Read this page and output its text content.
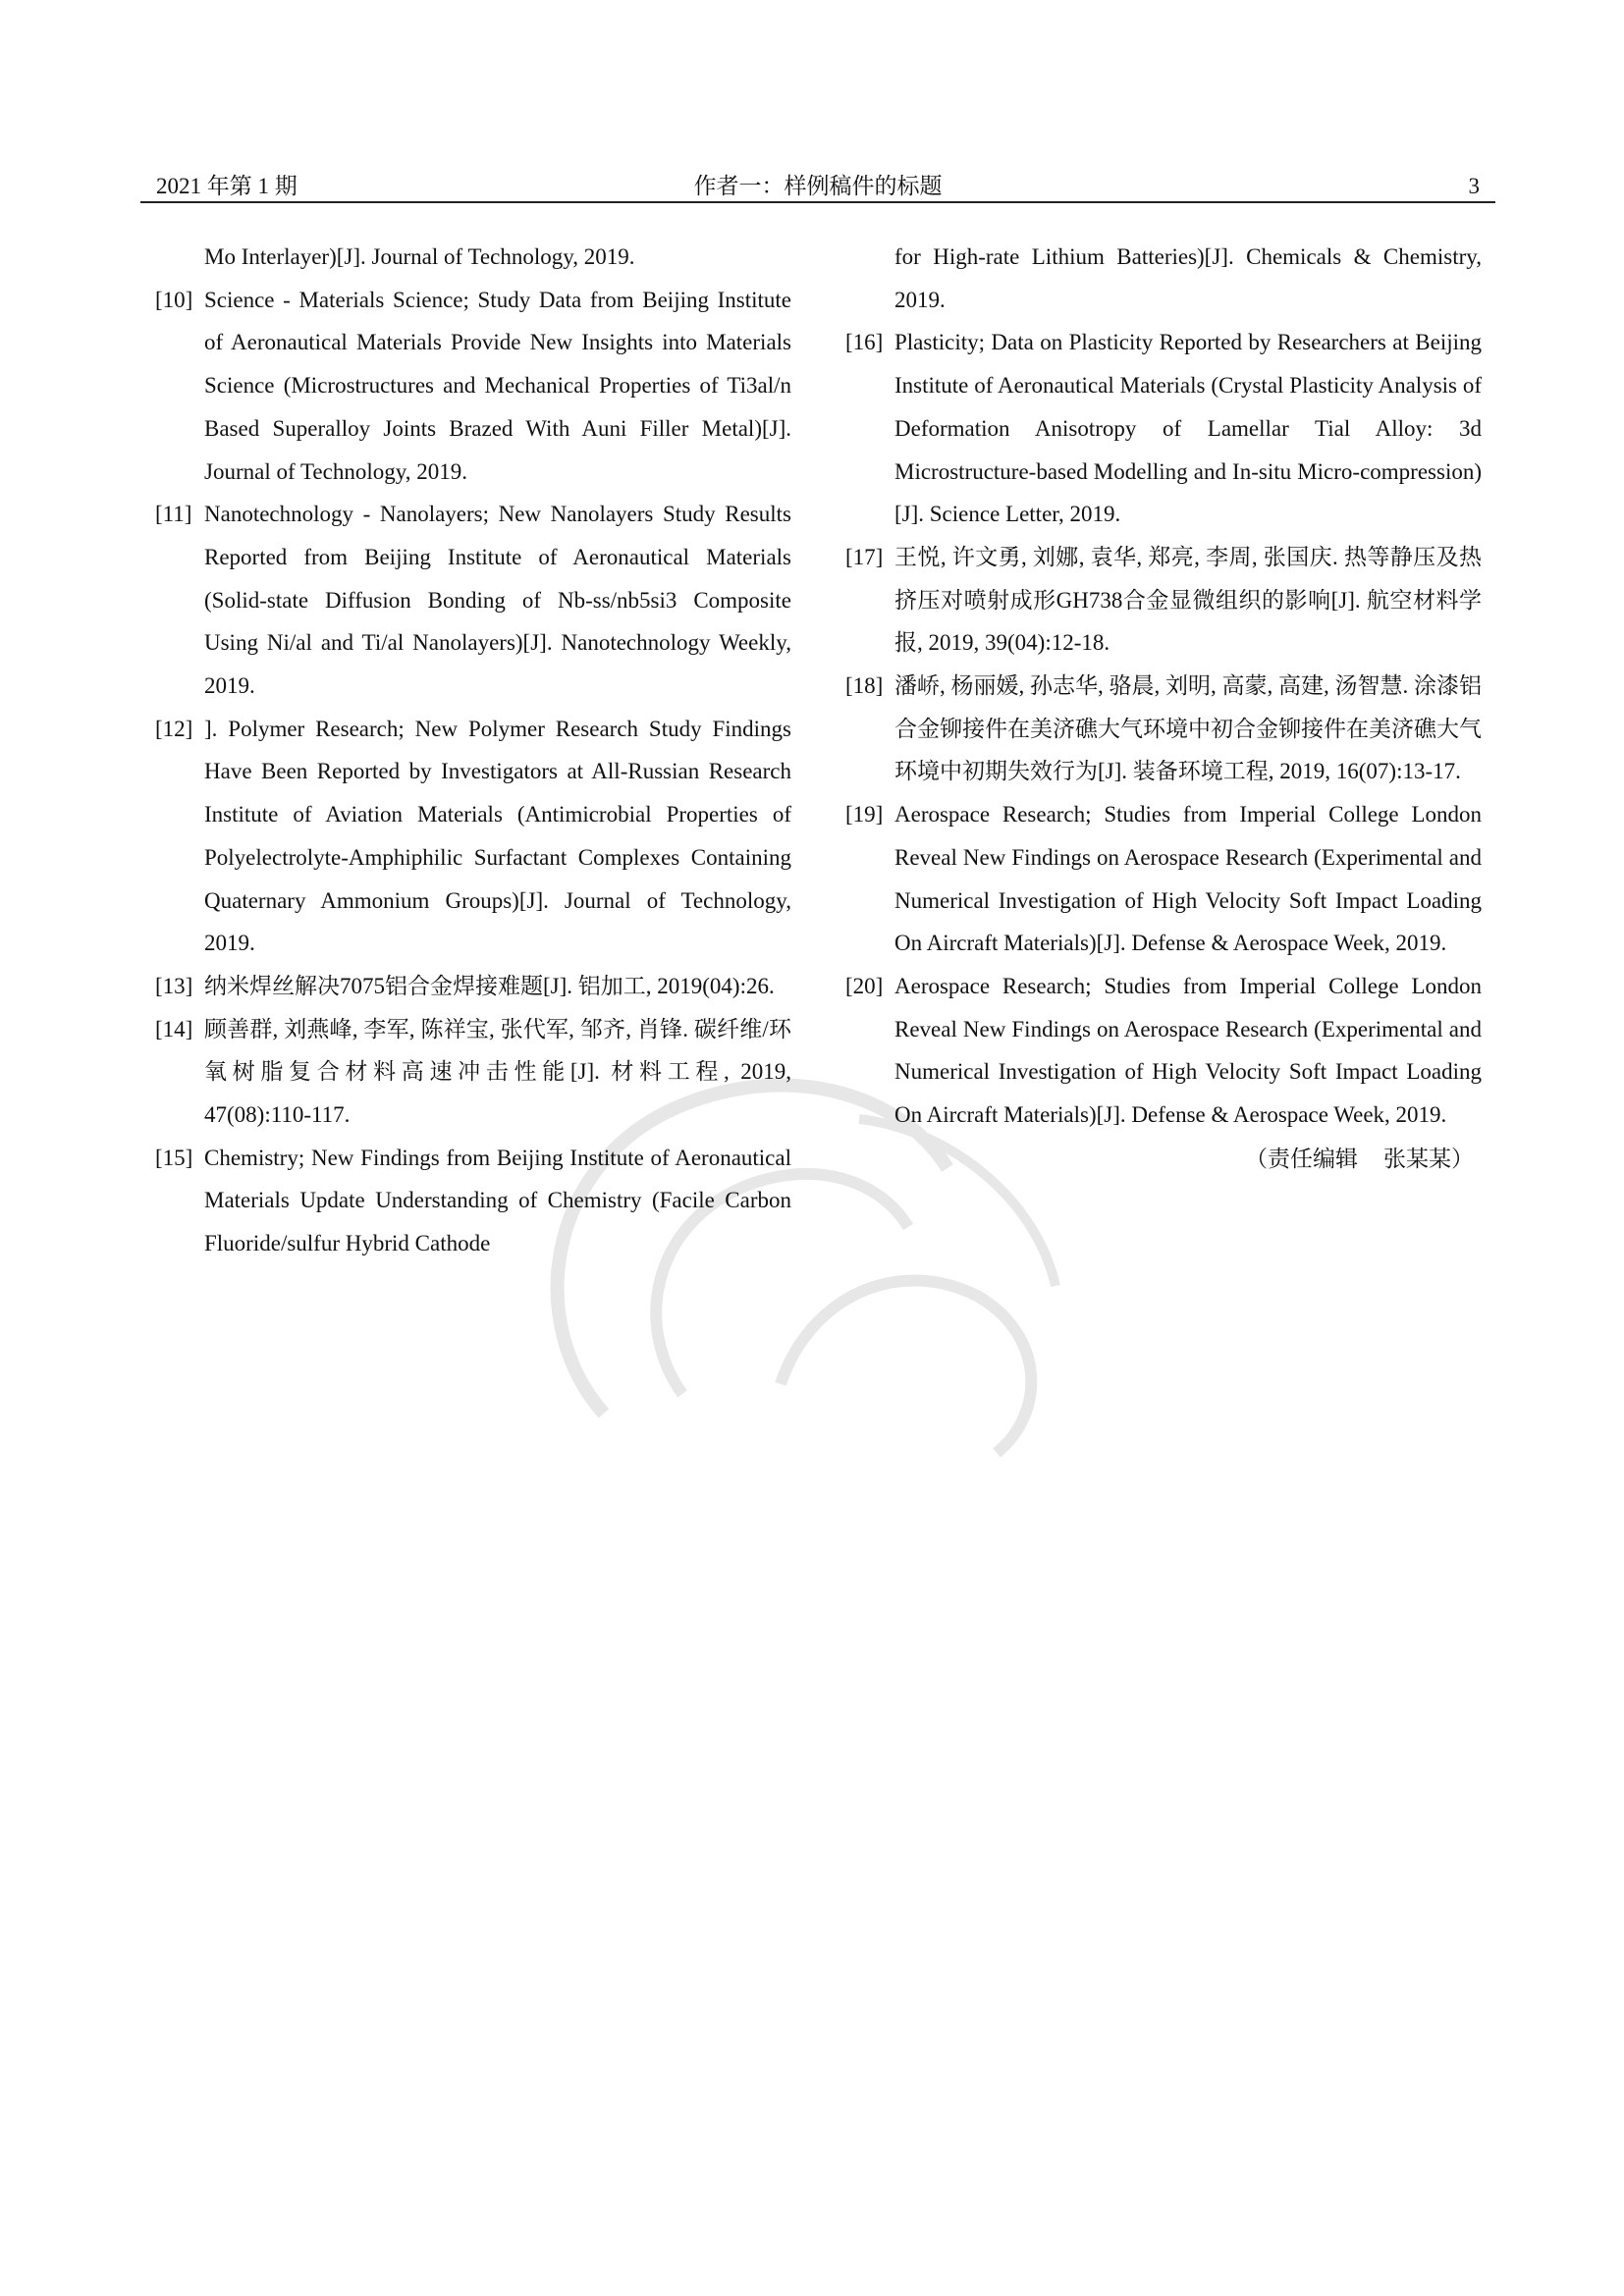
2021 年第 1 期	作者一：样例稿件的标题	3
Mo Interlayer)[J]. Journal of Technology, 2019.
[10] Science - Materials Science; Study Data from Beijing Institute of Aeronautical Materials Provide New Insights into Materials Science (Microstructures and Mechanical Properties of Ti3al/n Based Superalloy Joints Brazed With Auni Filler Metal)[J]. Journal of Technology, 2019.
[11] Nanotechnology - Nanolayers; New Nanolayers Study Results Reported from Beijing Institute of Aeronautical Materials (Solid-state Diffusion Bonding of Nb-ss/nb5si3 Composite Using Ni/al and Ti/al Nanolayers)[J]. Nanotechnology Weekly, 2019.
[12] ]. Polymer Research; New Polymer Research Study Findings Have Been Reported by Investigators at All-Russian Research Institute of Aviation Materials (Antimicrobial Properties of Polyelectrolyte-Amphiphilic Surfactant Complexes Containing Quaternary Ammonium Groups)[J]. Journal of Technology, 2019.
[13] 纳米焊丝解决7075铝合金焊接难题[J]. 铝加工, 2019(04):26.
[14] 顾善群, 刘燕峰, 李军, 陈祥宝, 张代军, 邹齐, 肖锋. 碳纤维/环氧树脂复合材料高速冲击性能[J]. 材料工程, 2019, 47(08):110-117.
[15] Chemistry; New Findings from Beijing Institute of Aeronautical Materials Update Understanding of Chemistry (Facile Carbon Fluoride/sulfur Hybrid Cathode
for High-rate Lithium Batteries)[J]. Chemicals & Chemistry, 2019.
[16] Plasticity; Data on Plasticity Reported by Researchers at Beijing Institute of Aeronautical Materials (Crystal Plasticity Analysis of Deformation Anisotropy of Lamellar Tial Alloy: 3d Microstructure-based Modelling and In-situ Micro-compression)[J]. Science Letter, 2019.
[17] 王悦, 许文勇, 刘娜, 袁华, 郑亮, 李周, 张国庆. 热等静压及热挤压对喷射成形GH738合金显微组织的影响[J]. 航空材料学报, 2019, 39(04):12-18.
[18] 潘峤, 杨丽媛, 孙志华, 骆晨, 刘明, 高蒙, 高建, 汤智慧. 涂漆铝合金铆接件在美济礁大气环境中初合金铆接件在美济礁大气环境中初期失效行为[J]. 装备环境工程, 2019, 16(07):13-17.
[19] Aerospace Research; Studies from Imperial College London Reveal New Findings on Aerospace Research (Experimental and Numerical Investigation of High Velocity Soft Impact Loading On Aircraft Materials)[J]. Defense & Aerospace Week, 2019.
[20] Aerospace Research; Studies from Imperial College London Reveal New Findings on Aerospace Research (Experimental and Numerical Investigation of High Velocity Soft Impact Loading On Aircraft Materials)[J]. Defense & Aerospace Week, 2019.
（责任编辑 张某某）
